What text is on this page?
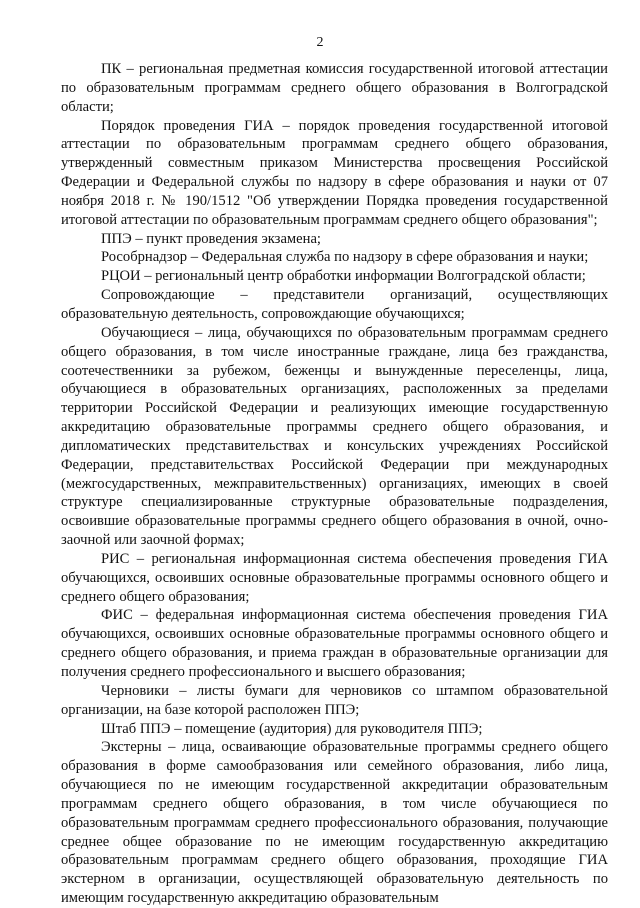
2

ПК – региональная предметная комиссия государственной итоговой аттестации по образовательным программам среднего общего образования в Волгоградской области;

Порядок проведения ГИА – порядок проведения государственной итоговой аттестации по образовательным программам среднего общего образования, утвержденный совместным приказом Министерства просвещения Российской Федерации и Федеральной службы по надзору в сфере образования и науки от 07 ноября 2018 г. № 190/1512 "Об утверждении Порядка проведения государственной итоговой аттестации по образовательным программам среднего общего образования";

ППЭ – пункт проведения экзамена;

Рособрнадзор – Федеральная служба по надзору в сфере образования и науки;

РЦОИ – региональный центр обработки информации Волгоградской области;

Сопровождающие – представители организаций, осуществляющих образовательную деятельность, сопровождающие обучающихся;

Обучающиеся – лица, обучающихся по образовательным программам среднего общего образования, в том числе иностранные граждане, лица без гражданства, соотечественники за рубежом, беженцы и вынужденные переселенцы, лица, обучающиеся в образовательных организациях, расположенных за пределами территории Российской Федерации и реализующих имеющие государственную аккредитацию образовательные программы среднего общего образования, и дипломатических представительствах и консульских учреждениях Российской Федерации, представительствах Российской Федерации при международных (межгосударственных, межправительственных) организациях, имеющих в своей структуре специализированные структурные образовательные подразделения, освоившие образовательные программы среднего общего образования в очной, очно-заочной или заочной формах;

РИС – региональная информационная система обеспечения проведения ГИА обучающихся, освоивших основные образовательные программы основного общего и среднего общего образования;

ФИС – федеральная информационная система обеспечения проведения ГИА обучающихся, освоивших основные образовательные программы основного общего и среднего общего образования, и приема граждан в образовательные организации для получения среднего профессионального и высшего образования;

Черновики – листы бумаги для черновиков со штампом образовательной организации, на базе которой расположен ППЭ;

Штаб ППЭ – помещение (аудитория) для руководителя ППЭ;

Экстерны – лица, осваивающие образовательные программы среднего общего образования в форме самообразования или семейного образования, либо лица, обучающиеся по не имеющим государственной аккредитации образовательным программам среднего общего образования, в том числе обучающиеся по образовательным программам среднего профессионального образования, получающие среднее общее образование по не имеющим государственную аккредитацию образовательным программам среднего общего образования, проходящие ГИА экстерном в организации, осуществляющей образовательную деятельность по имеющим государственную аккредитацию образовательным
